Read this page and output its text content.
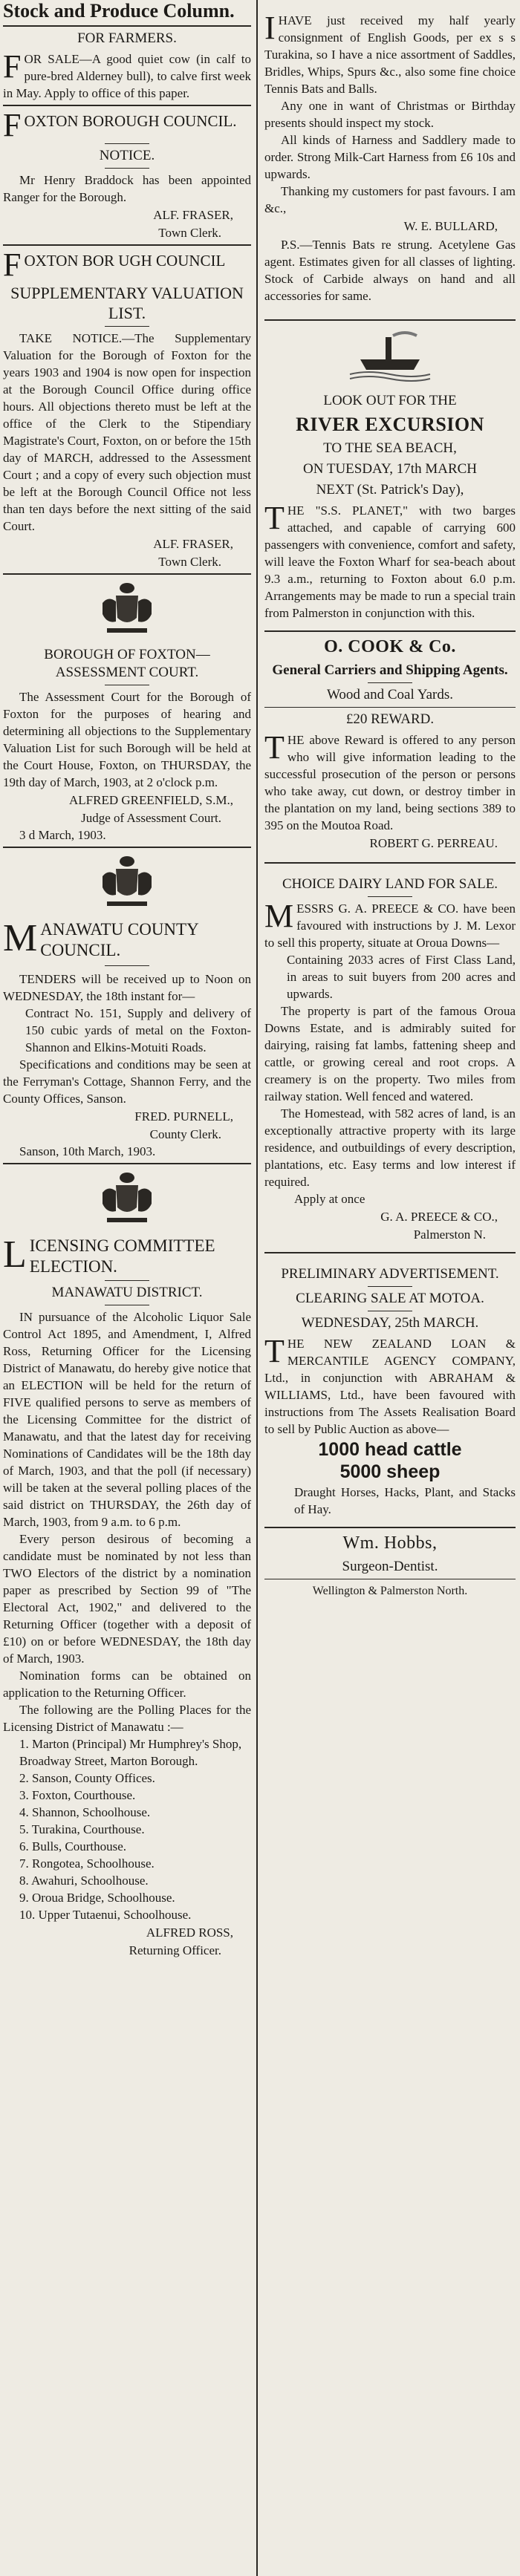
Stock and Produce Column.
FOR FARMERS.

FOR SALE—A good quiet cow (in calf to pure-bred Alderney bull), to calve first week in May. Apply to office of this paper.

FOXTON BOROUGH COUNCIL.
NOTICE.

Mr Henry Braddock has been appointed Ranger for the Borough.

ALF. FRASER,

Town Clerk.

FOXTON BOR UGH COUNCIL
SUPPLEMENTARY VALUATION LIST.

TAKE NOTICE.—The Supplementary Valuation for the Borough of Foxton for the years 1903 and 1904 is now open for inspection at the Borough Council Office during office hours. All objections thereto must be left at the office of the Clerk to the Stipendiary Magistrate's Court, Foxton, on or before the 15th day of MARCH, addressed to the Assessment Court ; and a copy of every such objection must be left at the Borough Council Office not less than ten days before the next sitting of the said Court.

ALF. FRASER,

Town Clerk.

BOROUGH OF FOXTON—ASSESSMENT COURT.

The Assessment Court for the Borough of Foxton for the purposes of hearing and determining all objections to the Supplementary Valuation List for such Borough will be held at the Court House, Foxton, on THURSDAY, the 19th day of March, 1903, at 2 o'clock p.m.

ALFRED GREENFIELD, S.M.,

Judge of Assessment Court.

3 d March, 1903.

MANAWATU COUNTY COUNCIL.

TENDERS will be received up to Noon on WEDNESDAY, the 18th instant for—

Contract No. 151, Supply and delivery of 150 cubic yards of metal on the Foxton-Shannon and Elkins-Motuiti Roads.

Specifications and conditions may be seen at the Ferryman's Cottage, Shannon Ferry, and the County Offices, Sanson.

FRED. PURNELL,

County Clerk.

Sanson, 10th March, 1903.

LICENSING COMMITTEE ELECTION.
MANAWATU DISTRICT.

IN pursuance of the Alcoholic Liquor Sale Control Act 1895, and Amendment, I, Alfred Ross, Returning Officer for the Licensing District of Manawatu, do hereby give notice that an ELECTION will be held for the return of FIVE qualified persons to serve as members of the Licensing Committee for the district of Manawatu, and that the latest day for receiving Nominations of Candidates will be the 18th day of March, 1903, and that the poll (if necessary) will be taken at the several polling places of the said district on THURSDAY, the 26th day of March, 1903, from 9 a.m. to 6 p.m.

Every person desirous of becoming a candidate must be nominated by not less than TWO Electors of the district by a nomination paper as prescribed by Section 99 of "The Electoral Act, 1902," and delivered to the Returning Officer (together with a deposit of £10) on or before WEDNESDAY, the 18th day of March, 1903.

Nomination forms can be obtained on application to the Returning Officer.

The following are the Polling Places for the Licensing District of Manawatu :—

1. Marton (Principal) Mr Humphrey's Shop, Broadway Street, Marton Borough.
2. Sanson, County Offices.
3. Foxton, Courthouse.
4. Shannon, Schoolhouse.
5. Turakina, Courthouse.
6. Bulls, Courthouse.
7. Rongotea, Schoolhouse.
8. Awahuri, Schoolhouse.
9. Oroua Bridge, Schoolhouse.
10. Upper Tutaenui, Schoolhouse.

ALFRED ROSS,

Returning Officer.

IHAVE just received my half yearly consignment of English Goods, per ex s s Turakina, so I have a nice assortment of Saddles, Bridles, Whips, Spurs &c., also some fine choice Tennis Bats and Balls.

Any one in want of Christmas or Birthday presents should inspect my stock.

All kinds of Harness and Saddlery made to order. Strong Milk-Cart Harness from £6 10s and upwards.

Thanking my customers for past favours. I am &c.,

W. E. BULLARD,

P.S.—Tennis Bats re strung. Acetylene Gas agent. Estimates given for all classes of lighting. Stock of Carbide always on hand and all accessories for same.

LOOK OUT FOR THE
RIVER EXCURSION
TO THE SEA BEACH,
ON TUESDAY, 17th MARCH
NEXT (St. Patrick's Day),

THE "S.S. PLANET," with two barges attached, and capable of carrying 600 passengers with convenience, comfort and safety, will leave the Foxton Wharf for sea-beach about 9.3 a.m., returning to Foxton about 6.0 p.m. Arrangements may be made to run a special train from Palmerston in conjunction with this.

O. COOK & Co.
General Carriers and Shipping Agents.
Wood and Coal Yards.
£20 REWARD.

THE above Reward is offered to any person who will give information leading to the successful prosecution of the person or persons who take away, cut down, or destroy timber in the plantation on my land, being sections 389 to 395 on the Moutoa Road.

ROBERT G. PERREAU.

CHOICE DAIRY LAND FOR SALE.

MESSRS G. A. PREECE & CO. have been favoured with instructions by J. M. Lexor to sell this property, situate at Oroua Downs—

Containing 2033 acres of First Class Land, in areas to suit buyers from 200 acres and upwards.

The property is part of the famous Oroua Downs Estate, and is admirably suited for dairying, raising fat lambs, fattening sheep and cattle, or growing cereal and root crops. A creamery is on the property. Two miles from railway station. Well fenced and watered.

The Homestead, with 582 acres of land, is an exceptionally attractive property with its large residence, and outbuildings of every description, plantations, etc. Easy terms and low interest if required.

Apply at once

G. A. PREECE & CO.,

Palmerston N.

PRELIMINARY ADVERTISEMENT.
CLEARING SALE AT MOTOA.
WEDNESDAY, 25th MARCH.

THE NEW ZEALAND LOAN & MERCANTILE AGENCY COMPANY, Ltd., in conjunction with ABRAHAM & WILLIAMS, Ltd., have been favoured with instructions from The Assets Realisation Board to sell by Public Auction as above—

1000 head cattle
5000 sheep

Draught Horses, Hacks, Plant, and Stacks of Hay.

Wm. Hobbs,
Surgeon-Dentist.
Wellington & Palmerston North.
